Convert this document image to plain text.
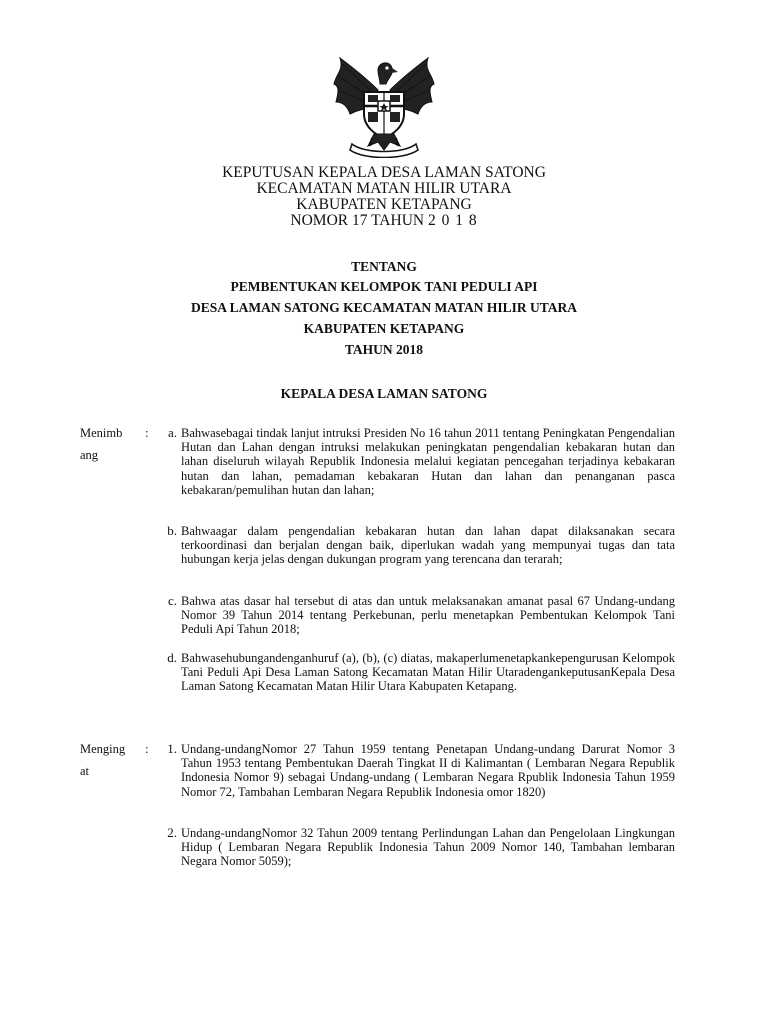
KEPUTUSAN KEPALA DESA LAMAN SATONG
KECAMATAN MATAN HILIR UTARA
KABUPATEN KETAPANG
NOMOR 17 TAHUN 2 0 1 8
TENTANG
PEMBENTUKAN KELOMPOK TANI PEDULI API
DESA LAMAN SATONG KECAMATAN MATAN HILIR UTARA
KABUPATEN KETAPANG
TAHUN 2018
KEPALA DESA LAMAN SATONG
Menimb
ang
:	a. Bahwasebagai tindak lanjut intruksi Presiden No 16 tahun 2011 tentang Peningkatan Pengendalian Hutan dan Lahan dengan intruksi melakukan peningkatan pengendalian kebakaran hutan dan lahan diseluruh wilayah Republik Indonesia melalui kegiatan pencegahan terjadinya kebakaran hutan dan lahan, pemadaman kebakaran Hutan dan lahan dan penanganan pasca kebakaran/pemulihan hutan dan lahan;

b. Bahwaagar dalam pengendalian kebakaran hutan dan lahan dapat dilaksanakan secara terkoordinasi dan berjalan dengan baik, diperlukan wadah yang mempunyai tugas dan tata hubungan kerja jelas dengan dukungan program yang terencana dan terarah;

c. Bahwa atas dasar hal tersebut di atas dan untuk melaksanakan amanat pasal 67 Undang-undang Nomor 39 Tahun 2014 tentang Perkebunan, perlu menetapkan Pembentukan Kelompok Tani Peduli Api Tahun 2018;

d. Bahwasehubungandenganhuruf (a), (b), (c) diatas, makaperlumenetapkankepengurusan Kelompok Tani Peduli Api Desa Laman Satong Kecamatan Matan Hilir UtaradengankeputusanKepala Desa Laman Satong Kecamatan Matan Hilir Utara Kabupaten Ketapang.

Menging
at
:	1. Undang-undangNomor 27 Tahun 1959 tentang Penetapan Undang-undang Darurat Nomor 3 Tahun 1953 tentang Pembentukan Daerah Tingkat II di Kalimantan ( Lembaran Negara Republik Indonesia Nomor 9) sebagai Undang-undang ( Lembaran Negara Rpublik Indonesia Tahun 1959 Nomor 72, Tambahan Lembaran Negara Republik Indonesia omor 1820)

2. Undang-undangNomor 32 Tahun 2009 tentang Perlindungan Lahan dan Pengelolaan Lingkungan Hidup ( Lembaran Negara Republik Indonesia Tahun 2009 Nomor 140, Tambahan lembaran Negara Nomor 5059);
